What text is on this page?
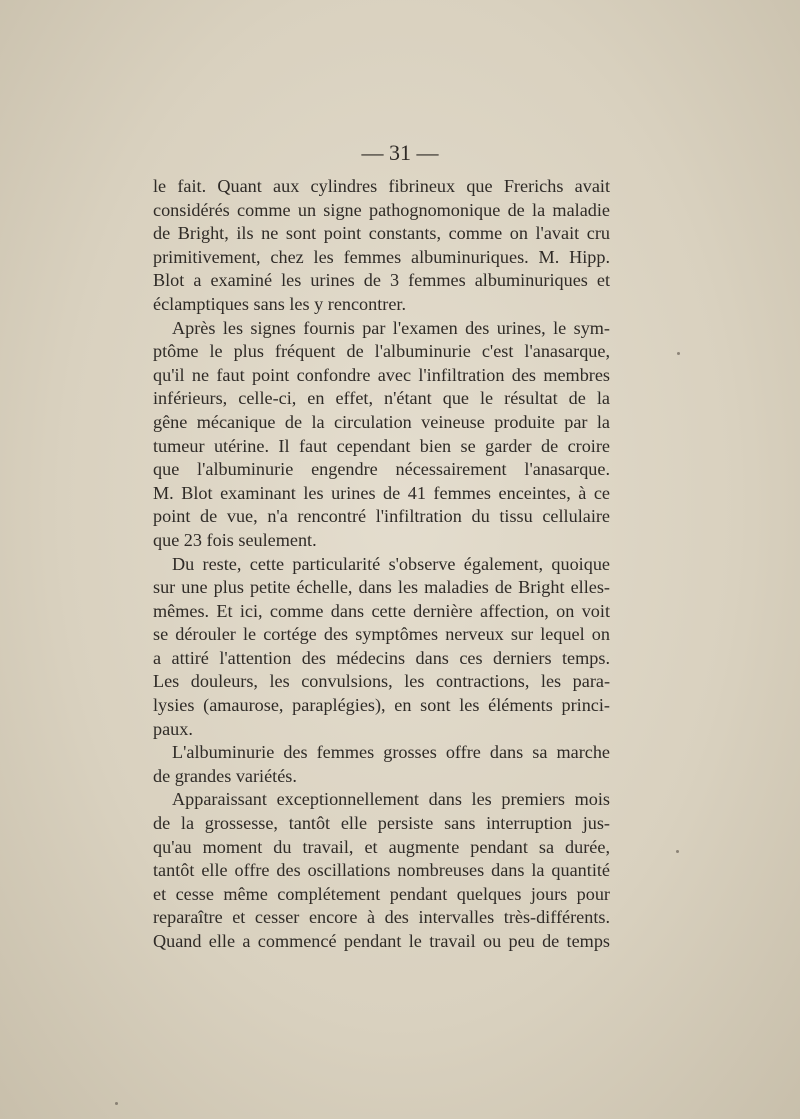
— 31 —
le fait. Quant aux cylindres fibrineux que Frerichs avait
considérés comme un signe pathognomonique de la maladie
de Bright, ils ne sont point constants, comme on l'avait cru
primitivement, chez les femmes albuminuriques. M. Hipp.
Blot a examiné les urines de 3 femmes albuminuriques et
éclamptiques sans les y rencontrer.
Après les signes fournis par l'examen des urines, le sym-
ptôme le plus fréquent de l'albuminurie c'est l'anasarque,
qu'il ne faut point confondre avec l'infiltration des membres
inférieurs, celle-ci, en effet, n'étant que le résultat de la
gêne mécanique de la circulation veineuse produite par la
tumeur utérine. Il faut cependant bien se garder de croire
que l'albuminurie engendre nécessairement l'anasarque.
M. Blot examinant les urines de 41 femmes enceintes, à ce
point de vue, n'a rencontré l'infiltration du tissu cellulaire
que 23 fois seulement.
Du reste, cette particularité s'observe également, quoique
sur une plus petite échelle, dans les maladies de Bright elles-
mêmes. Et ici, comme dans cette dernière affection, on voit
se dérouler le cortége des symptômes nerveux sur lequel on
a attiré l'attention des médecins dans ces derniers temps.
Les douleurs, les convulsions, les contractions, les para-
lysies (amaurose, paraplégies), en sont les éléments princi-
paux.
L'albuminurie des femmes grosses offre dans sa marche
de grandes variétés.
Apparaissant exceptionnellement dans les premiers mois
de la grossesse, tantôt elle persiste sans interruption jus-
qu'au moment du travail, et augmente pendant sa durée,
tantôt elle offre des oscillations nombreuses dans la quantité
et cesse même complétement pendant quelques jours pour
reparaître et cesser encore à des intervalles très-différents.
Quand elle a commencé pendant le travail ou peu de temps
